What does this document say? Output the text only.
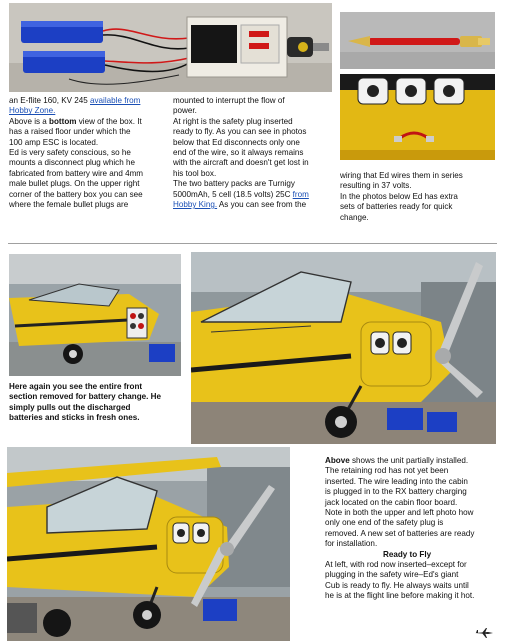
an E-flite 160, KV 245 available from
Hobby Zone.
Above is a bottom view of the box. It
has a raised floor under which the
100 amp ESC is located.
Ed is very safety conscious, so he
mounts a disconnect plug which he
fabricated from battery wire and 4mm
male bullet plugs. On the upper right
corner of the battery box you can see
where the female bullet plugs are
mounted to interrupt the flow of
power.
At right is the safety plug inserted
ready to fly. As you can see in photos
below that Ed disconnects only one
end of the wire, so it always remains
with the aircraft and doesn't get lost in
his tool box.
The two battery packs are Turnigy
5000mAh, 5 cell (18.5 volts) 25C from
Hobby King. As you can see from the
wiring that Ed wires them in series
resulting in 37 volts.
In the photos below Ed has extra
sets of batteries ready for quick
change.
Here again you see the entire front
section removed for battery change. He
simply pulls out the discharged
batteries and sticks in fresh ones.
Above shows the unit partially installed.
The retaining rod has not yet been
inserted. The wire leading into the cabin
is plugged in to the RX battery charging
jack located on the cabin floor board.
Note in both the upper and left photo how
only one end of the safety plug is
removed. A new set of batteries are ready
for installation.
Ready to Fly
At left, with rod now inserted–except for
plugging in the safety wire–Ed's giant
Cub is ready to fly. He always waits until
he is at the flight line before making it hot.
